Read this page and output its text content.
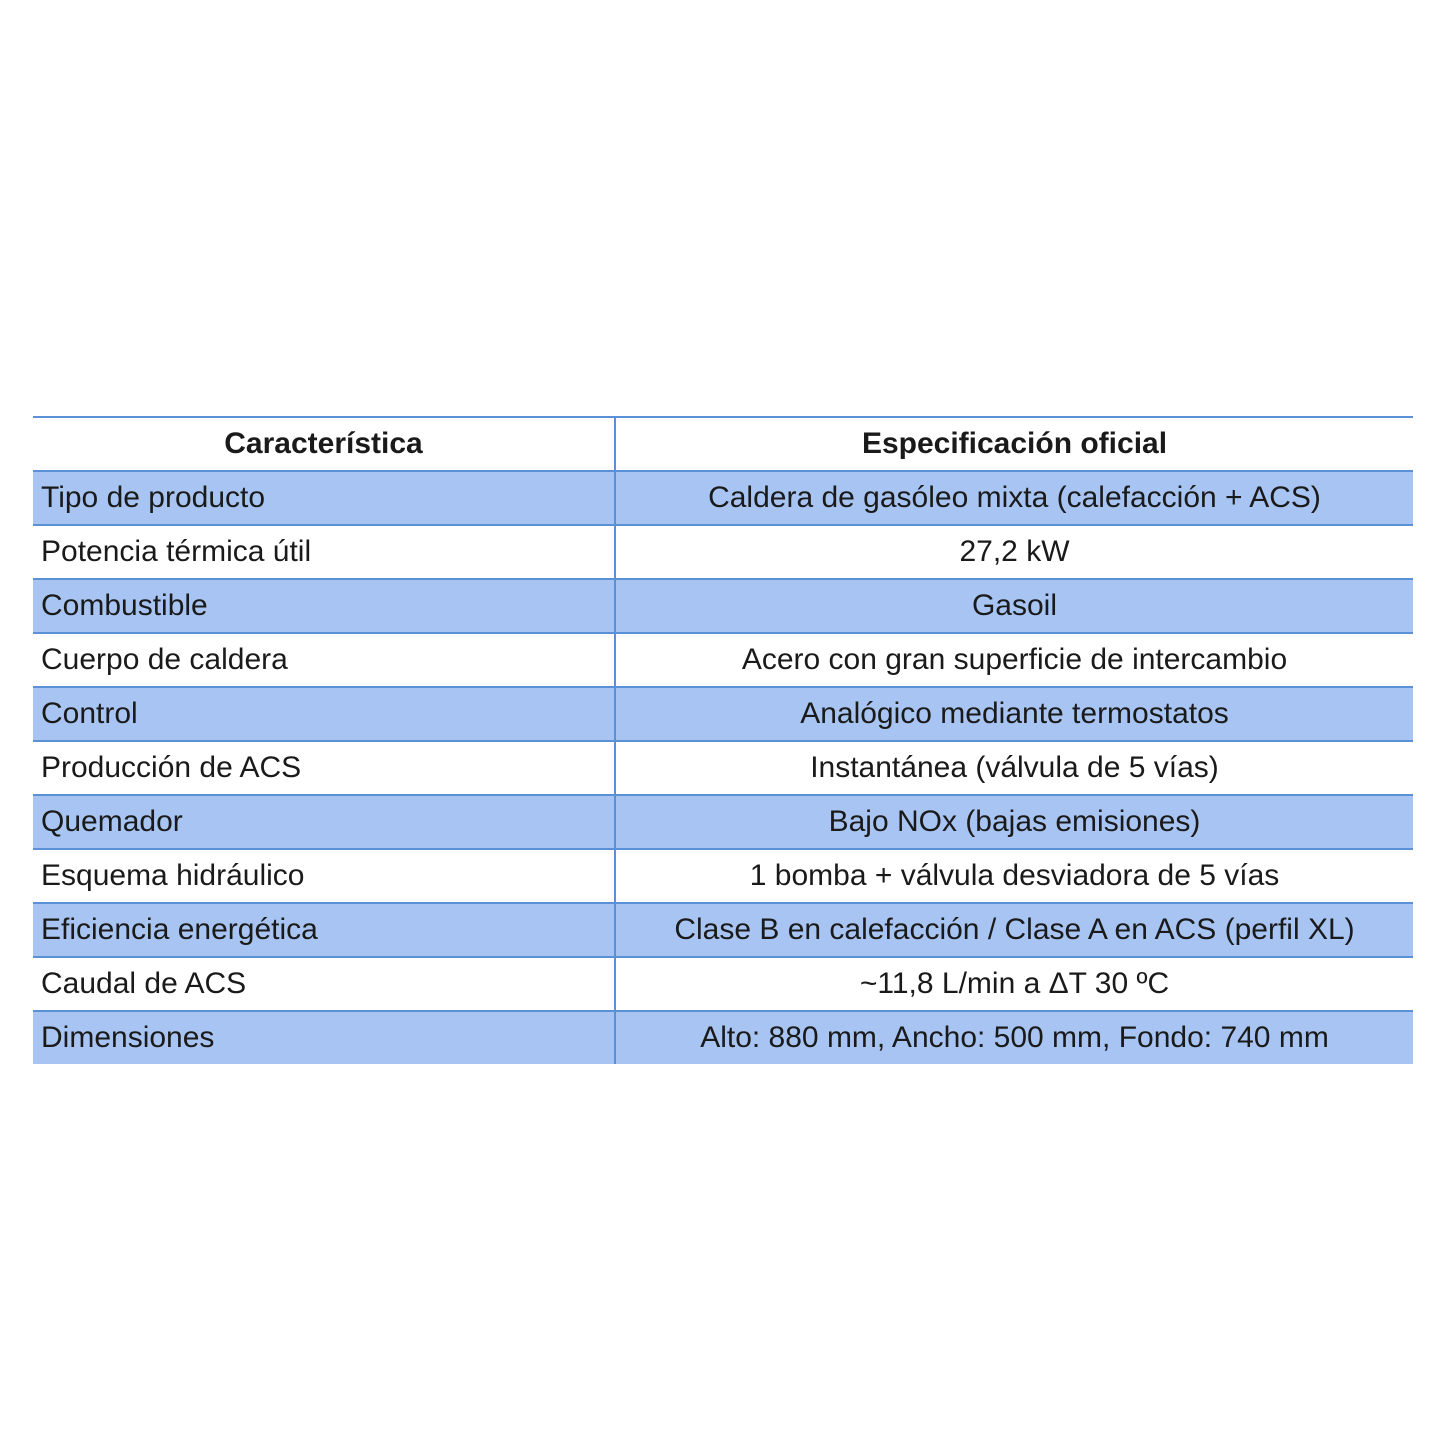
Característica	Especificación oficial
Tipo de producto	Caldera de gasóleo mixta (calefacción + ACS)
Potencia térmica útil	27,2 kW
Combustible	Gasoil
Cuerpo de caldera	Acero con gran superficie de intercambio
Control	Analógico mediante termostatos
Producción de ACS	Instantánea (válvula de 5 vías)
Quemador	Bajo NOx (bajas emisiones)
Esquema hidráulico	1 bomba + válvula desviadora de 5 vías
Eficiencia energética	Clase B en calefacción / Clase A en ACS (perfil XL)
Caudal de ACS	~11,8 L/min a ΔT 30 ºC
Dimensiones	Alto: 880 mm, Ancho: 500 mm, Fondo: 740 mm
